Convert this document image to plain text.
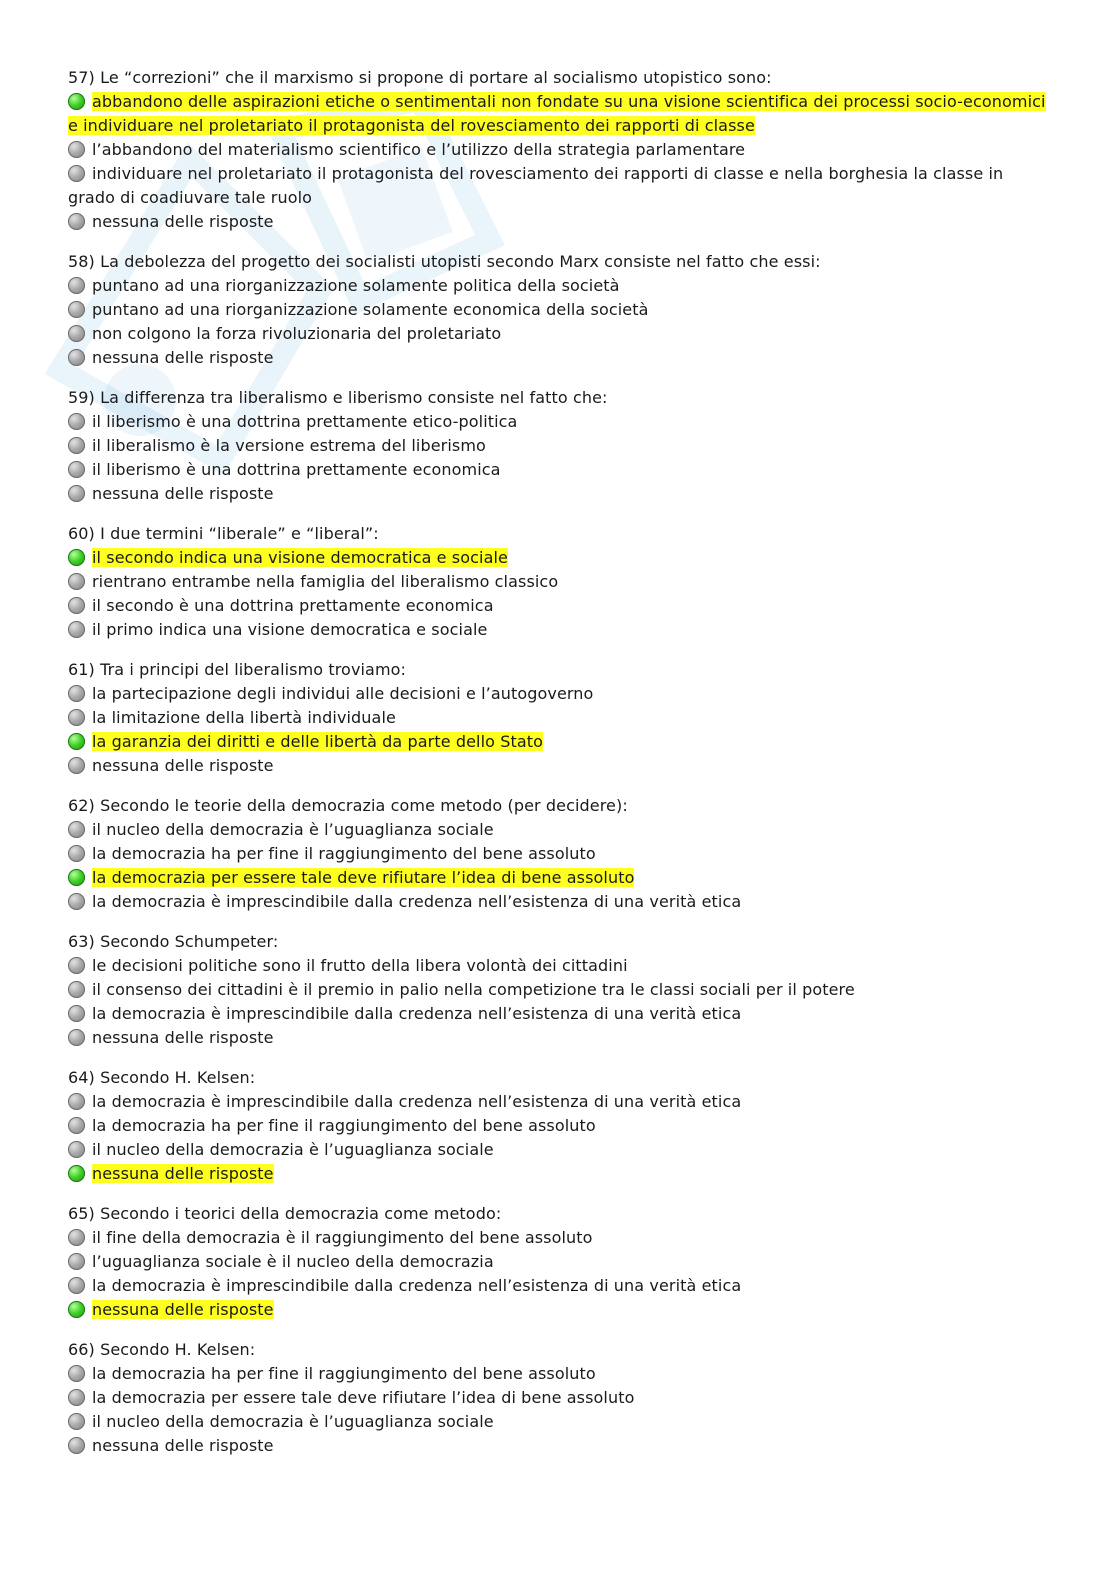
57) Le “correzioni” che il marxismo si propone di portare al socialismo utopistico sono:
abbandono delle aspirazioni etiche o sentimentali non fondate su una visione scientifica dei processi socio-economici e individuare nel proletariato il protagonista del rovesciamento dei rapporti di classe
l’abbandono del materialismo scientifico e l’utilizzo della strategia parlamentare
individuare nel proletariato il protagonista del rovesciamento dei rapporti di classe e nella borghesia la classe in grado di coadiuvare tale ruolo
nessuna delle risposte
58) La debolezza del progetto dei socialisti utopisti secondo Marx consiste nel fatto che essi:
puntano ad una riorganizzazione solamente politica della società
puntano ad una riorganizzazione solamente economica della società
non colgono la forza rivoluzionaria del proletariato
nessuna delle risposte
59) La differenza tra liberalismo e liberismo consiste nel fatto che:
il liberismo è una dottrina prettamente etico-politica
il liberalismo è la versione estrema del liberismo
il liberismo è una dottrina prettamente economica
nessuna delle risposte
60) I due termini “liberale” e “liberal”:
il secondo indica una visione democratica e sociale
rientrano entrambe nella famiglia del liberalismo classico
il secondo è una dottrina prettamente economica
il primo indica una visione democratica e sociale
61) Tra i principi del liberalismo troviamo:
la partecipazione degli individui alle decisioni e l’autogoverno
la limitazione della libertà individuale
la garanzia dei diritti e delle libertà da parte dello Stato
nessuna delle risposte
62) Secondo le teorie della democrazia come metodo (per decidere):
il nucleo della democrazia è l’uguaglianza sociale
la democrazia ha per fine il raggiungimento del bene assoluto
la democrazia per essere tale deve rifiutare l’idea di bene assoluto
la democrazia è imprescindibile dalla credenza nell’esistenza di una verità etica
63) Secondo Schumpeter:
le decisioni politiche sono il frutto della libera volontà dei cittadini
il consenso dei cittadini è il premio in palio nella competizione tra le classi sociali per il potere
la democrazia è imprescindibile dalla credenza nell’esistenza di una verità etica
nessuna delle risposte
64) Secondo H. Kelsen:
la democrazia è imprescindibile dalla credenza nell’esistenza di una verità etica
la democrazia ha per fine il raggiungimento del bene assoluto
il nucleo della democrazia è l’uguaglianza sociale
nessuna delle risposte
65) Secondo i teorici della democrazia come metodo:
il fine della democrazia è il raggiungimento del bene assoluto
l’uguaglianza sociale è il nucleo della democrazia
la democrazia è imprescindibile dalla credenza nell’esistenza di una verità etica
nessuna delle risposte
66) Secondo H. Kelsen:
la democrazia ha per fine il raggiungimento del bene assoluto
la democrazia per essere tale deve rifiutare l’idea di bene assoluto
il nucleo della democrazia è l’uguaglianza sociale
nessuna delle risposte
